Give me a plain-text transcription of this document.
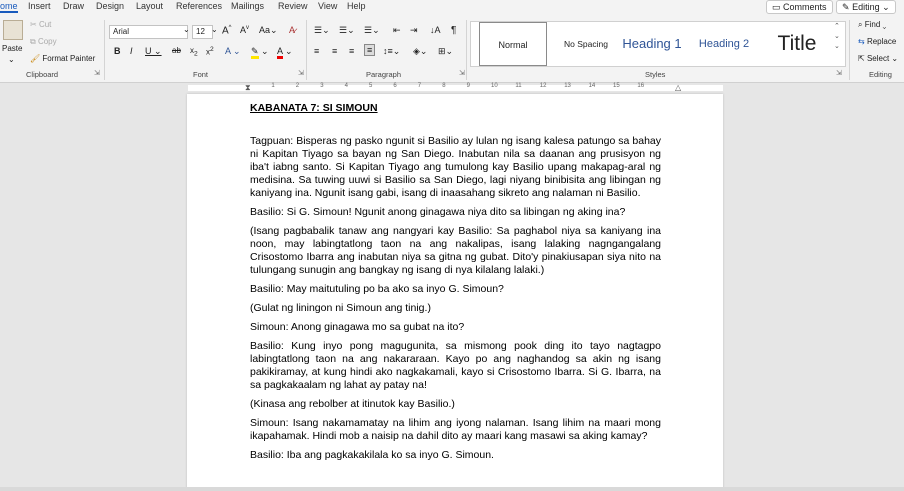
ome Insert Draw Design Layout References Mailings Review View Help	▭ Comments	✎ Editing ⌄
Paste
⌄
✂ Cut
⧉ Copy
🖌 Format Painter
Clipboard	⇲
Arial	⌄ 12 ⌄ A^ $A^v$ Aa⌄ A̷
B I U ⌄ ab $x_2$ $x^2$ A ⌄ ✎ ⌄ A ⌄
Font	⇲
☰⌄ ☰⌄ ☰⌄ ⇤ ⇥ ↓A ¶
≡ ≡ ≡	≡	↕≡⌄ ◈⌄ ⊞⌄
Paragraph	⇲
Normal	No Spacing	Heading 1	Heading 2	Title
⌃
⌄
⌄
Styles	⇲
⌕ Find ⌄
⇆ Replace
⇱ Select ⌄
Editing
1	2	3	4	5	6	7	8	9	10	11	12	13	14	15	16
⧗	△

KABANATA 7: SI SIMOUN

Tagpuan: Bisperas ng pasko ngunit si Basilio ay lulan ng isang kalesa patungo sa bahay ni Kapitan Tiyago sa bayan ng San Diego. Inabutan nila sa daanan ang prusisyon ng iba't iabng santo. Si Kapitan Tiyago ang tumulong kay Basilio upang makapag-aral ng medisina. Sa tuwing uuwi si Basilio sa San Diego, lagi niyang binibisita ang libingan ng kaniyang ina. Ngunit isang gabi, isang di inaasahang sikreto ang nalaman ni Basilio.

Basilio: Si G. Simoun! Ngunit anong ginagawa niya dito sa libingan ng aking ina?

(Isang pagbabalik tanaw ang nangyari kay Basilio: Sa paghabol niya sa kaniyang ina noon, may labingtatlong taon na ang nakalipas, isang lalaking nagngangalang Crisostomo Ibarra ang inabutan niya sa gitna ng gubat. Dito'y pinakiusapan siya nito na tulungang sunugin ang bangkay ng isang di nya kilalang lalaki.)

Basilio: May maitutuling po ba ako sa inyo G. Simoun?

(Gulat ng liningon ni Simoun ang tinig.)

Simoun: Anong ginagawa mo sa gubat na ito?

Basilio: Kung inyo pong magugunita, sa mismong pook ding ito tayo nagtagpo labingtatlong taon na ang nakararaan. Kayo po ang naghandog sa akin ng isang pakikiramay, at kung hindi ako nagkakamali, kayo si Crisostomo Ibarra. Si G. Ibarra, na sa pagkakaalam ng lahat ay patay na!

(Kinasa ang rebolber at itinutok kay Basilio.)

Simoun: Isang nakamamatay na lihim ang iyong nalaman. Isang lihim na maari mong ikapahamak. Hindi mob a naisip na dahil dito ay maari kang masawi sa aking kamay?

Basilio: Iba ang pagkakakilala ko sa inyo G. Simoun.
